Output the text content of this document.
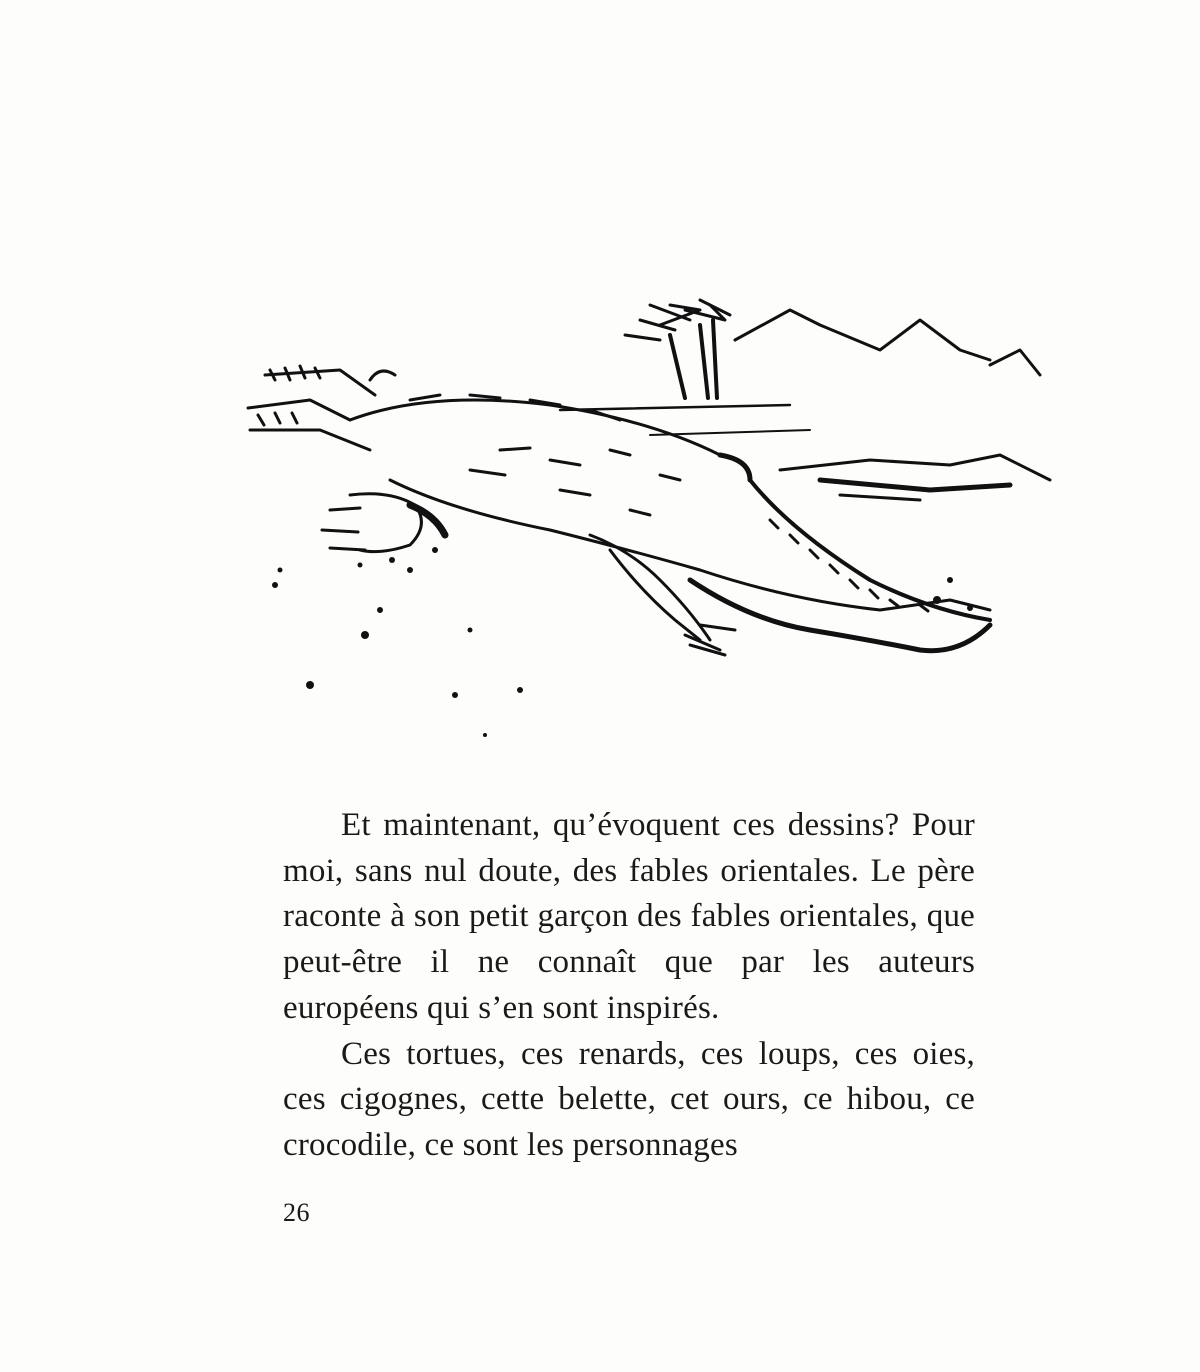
Et maintenant, qu’évoquent ces dessins? Pour moi, sans nul doute, des fables orientales. Le père raconte à son petit garçon des fables orientales, que peut-être il ne connaît que par les auteurs européens qui s’en sont inspirés.

Ces tortues, ces renards, ces loups, ces oies, ces cigognes, cette belette, cet ours, ce hibou, ce crocodile, ce sont les personnages

26
